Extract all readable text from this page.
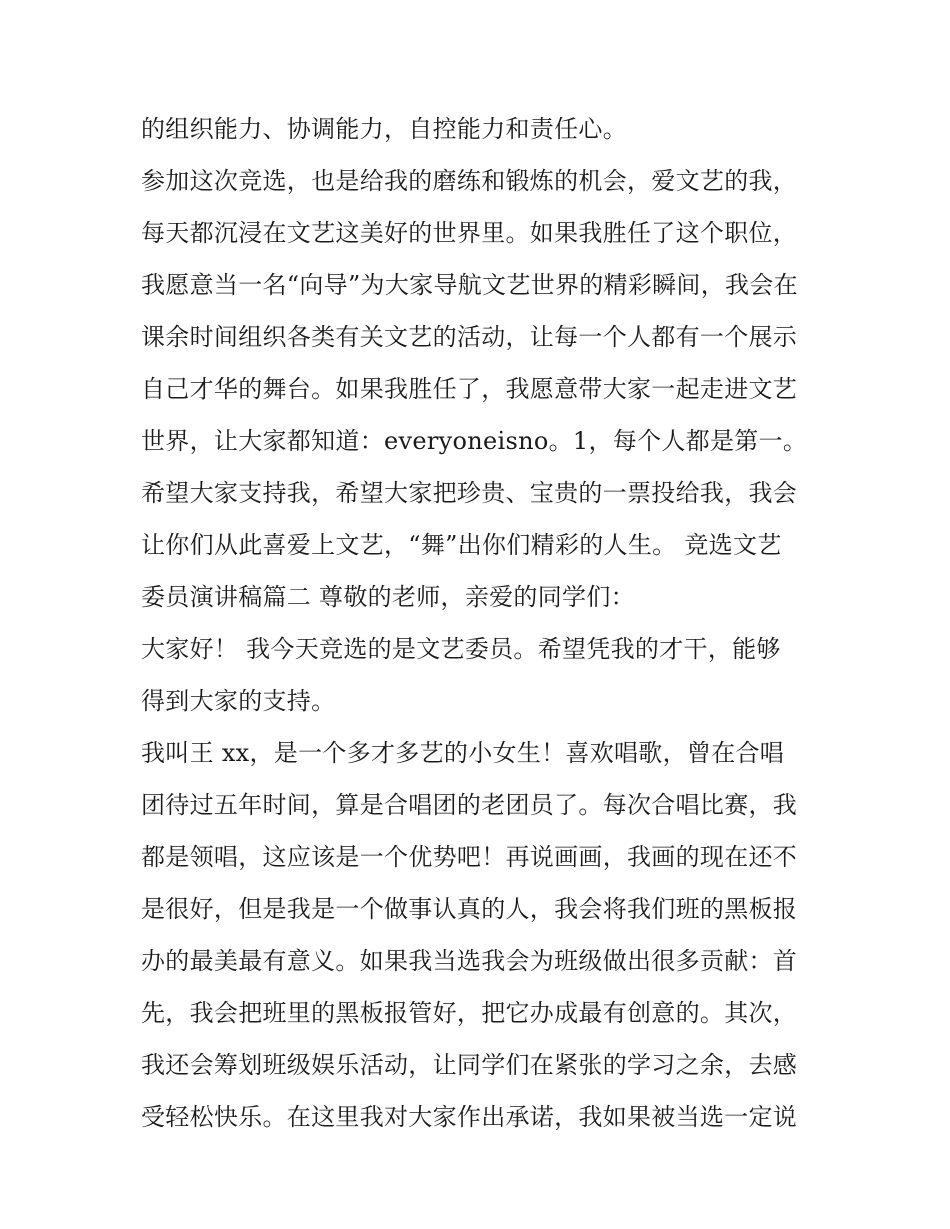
的组织能力、协调能力，自控能力和责任心。
参加这次竞选，也是给我的磨练和锻炼的机会，爱文艺的我，
每天都沉浸在文艺这美好的世界里。如果我胜任了这个职位，
我愿意当一名“向导”为大家导航文艺世界的精彩瞬间，我会在
课余时间组织各类有关文艺的活动，让每一个人都有一个展示
自己才华的舞台。如果我胜任了，我愿意带大家一起走进文艺
世界，让大家都知道：everyoneisno。1，每个人都是第一。
希望大家支持我，希望大家把珍贵、宝贵的一票投给我，我会
让你们从此喜爱上文艺，“舞”出你们精彩的人生。 竞选文艺
委员演讲稿篇二 尊敬的老师，亲爱的同学们：
大家好！ 我今天竞选的是文艺委员。希望凭我的才干，能够
得到大家的支持。
我叫王 xx，是一个多才多艺的小女生！喜欢唱歌，曾在合唱
团待过五年时间，算是合唱团的老团员了。每次合唱比赛，我
都是领唱，这应该是一个优势吧！再说画画，我画的现在还不
是很好，但是我是一个做事认真的人，我会将我们班的黑板报
办的最美最有意义。如果我当选我会为班级做出很多贡献：首
先，我会把班里的黑板报管好，把它办成最有创意的。其次，
我还会筹划班级娱乐活动，让同学们在紧张的学习之余，去感
受轻松快乐。在这里我对大家作出承诺，我如果被当选一定说
